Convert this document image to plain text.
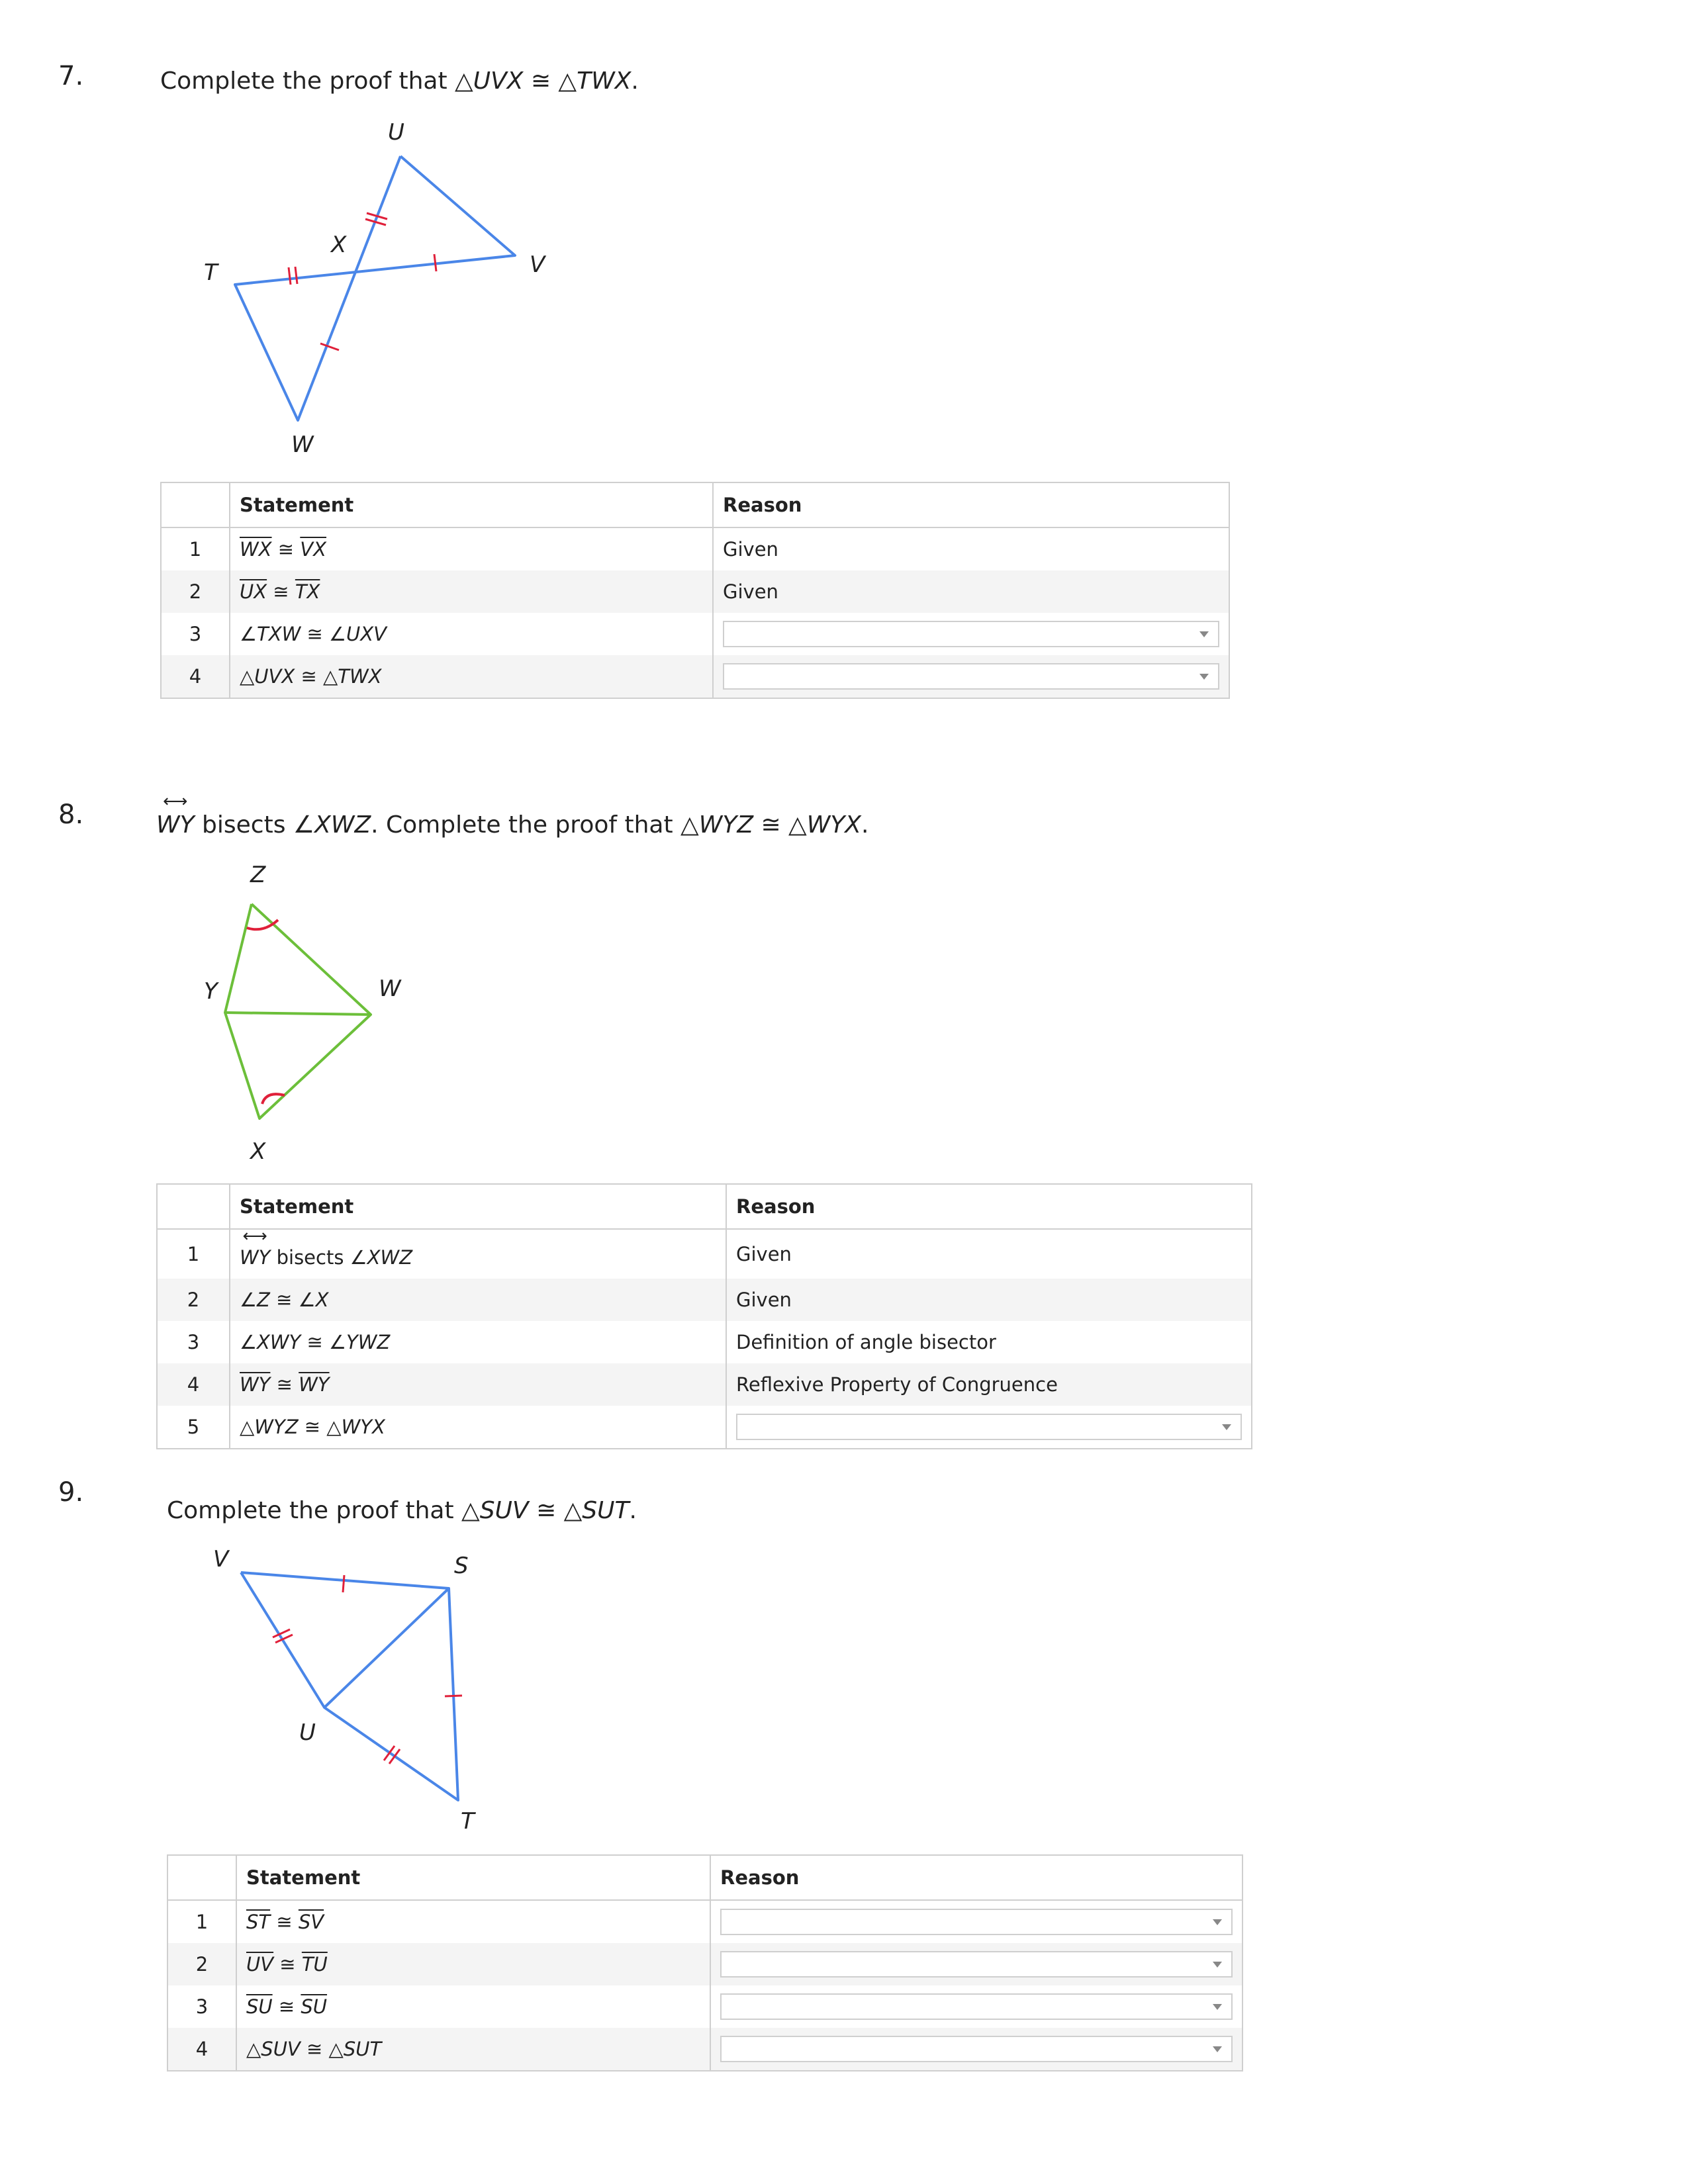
7.	Complete the proof that △UVX ≅ △TWX.
U
X
T	V
W
	Statement	Reason
1	$\overline{WX}$ ≅ $\overline{VX}$	Given
2	$\overline{UX}$ ≅ $\overline{TX}$	Given
3	∠TXW ≅ ∠UXV	

4	△UVX ≅ △TWX	
8.	⟷ WY bisects ∠XWZ. Complete the proof that △WYZ ≅ △WYX.
Z
Y	W
X
	Statement	Reason
1	⟷ WY bisects ∠XWZ	Given
2	∠Z ≅ ∠X	Given
3	∠XWY ≅ ∠YWZ	Definition of angle bisector
4	$\overline{WY}$ ≅ $\overline{WY}$	Reflexive Property of Congruence
5	△WYZ ≅ △WYX	
9.
Complete the proof that △SUV ≅ △SUT.
V	S
U
T
	Statement	Reason
1	$\overline{ST}$ ≅ $\overline{SV}$	

2	$\overline{UV}$ ≅ $\overline{TU}$	

3	$\overline{SU}$ ≅ $\overline{SU}$	

4	△SUV ≅ △SUT	
